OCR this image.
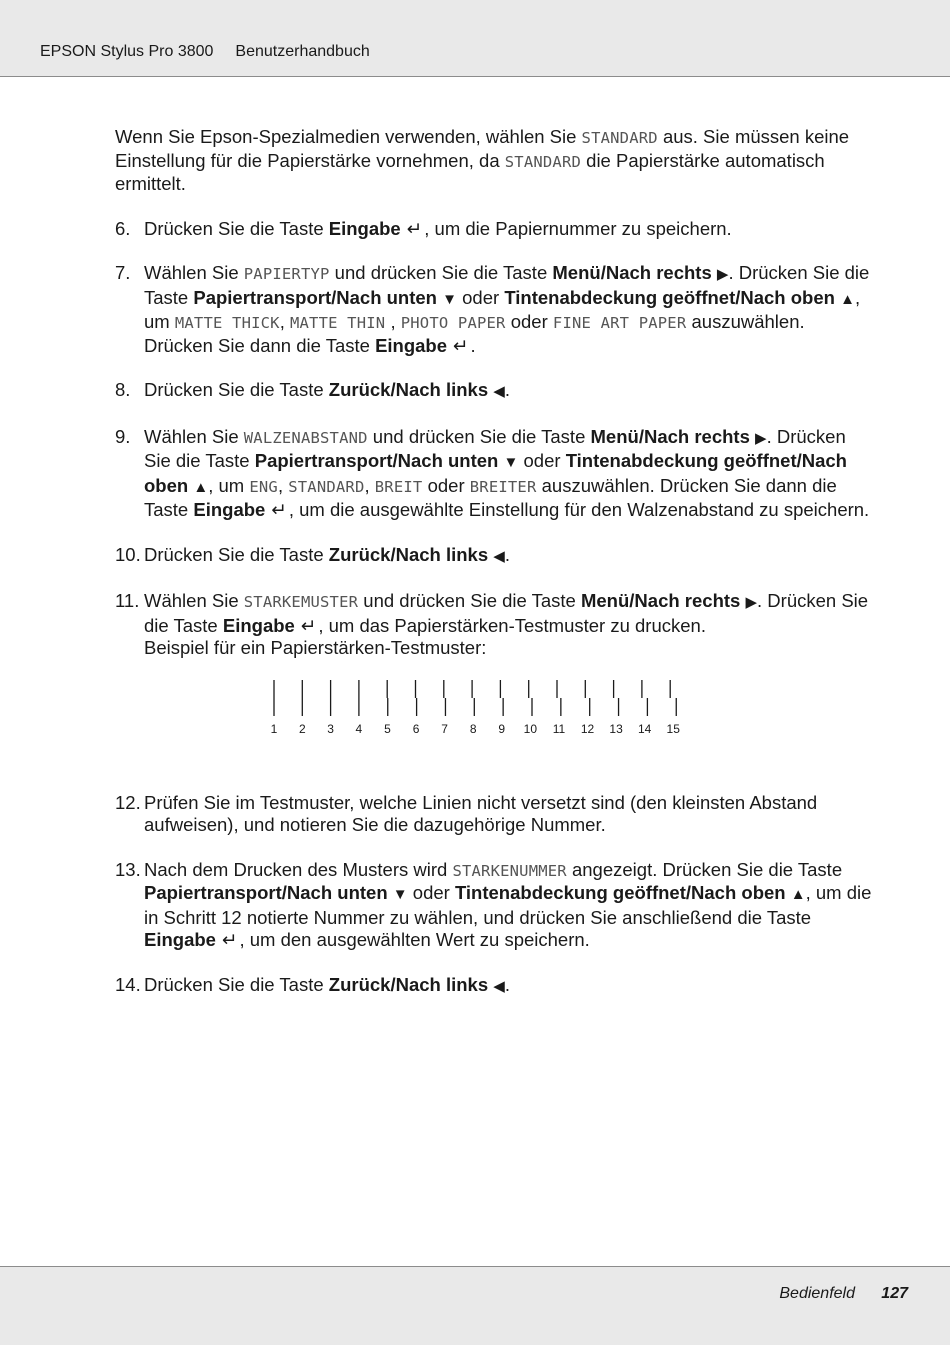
EPSON Stylus Pro 3800 Benutzerhandbuch

Wenn Sie Epson-Spezialmedien verwenden, wählen Sie STANDARD aus. Sie müssen keine Einstellung für die Papierstärke vornehmen, da STANDARD die Papierstärke automatisch ermittelt.

6. Drücken Sie die Taste Eingabe ↵ , um die Papiernummer zu speichern.

7. Wählen Sie PAPIERTYP und drücken Sie die Taste Menü/Nach rechts ▶. Drücken Sie die Taste Papiertransport/Nach unten ▼ oder Tintenabdeckung geöffnet/Nach oben ▲, um MATTE THICK, MATTE THIN , PHOTO PAPER oder FINE ART PAPER auszuwählen. Drücken Sie dann die Taste Eingabe ↵ .

8. Drücken Sie die Taste Zurück/Nach links ◀.

9. Wählen Sie WALZENABSTAND und drücken Sie die Taste Menü/Nach rechts ▶. Drücken Sie die Taste Papiertransport/Nach unten ▼ oder Tintenabdeckung geöffnet/Nach oben ▲, um ENG, STANDARD, BREIT oder BREITER auszuwählen. Drücken Sie dann die Taste Eingabe ↵ , um die ausgewählte Einstellung für den Walzenabstand zu speichern.

10. Drücken Sie die Taste Zurück/Nach links ◀.

11. Wählen Sie STARKEMUSTER und drücken Sie die Taste Menü/Nach rechts ▶. Drücken Sie die Taste Eingabe ↵ , um das Papierstärken-Testmuster zu drucken.

Beispiel für ein Papierstärken-Testmuster:

1 2 3 4 5 6 7 8 9 10 11 12 13 14 15
12. Prüfen Sie im Testmuster, welche Linien nicht versetzt sind (den kleinsten Abstand aufweisen), und notieren Sie die dazugehörige Nummer.

13. Nach dem Drucken des Musters wird STARKENUMMER angezeigt. Drücken Sie die Taste Papiertransport/Nach unten ▼ oder Tintenabdeckung geöffnet/Nach oben ▲, um die in Schritt 12 notierte Nummer zu wählen, und drücken Sie anschließend die Taste Eingabe ↵ , um den ausgewählten Wert zu speichern.

14. Drücken Sie die Taste Zurück/Nach links ◀.

Bedienfeld 127
